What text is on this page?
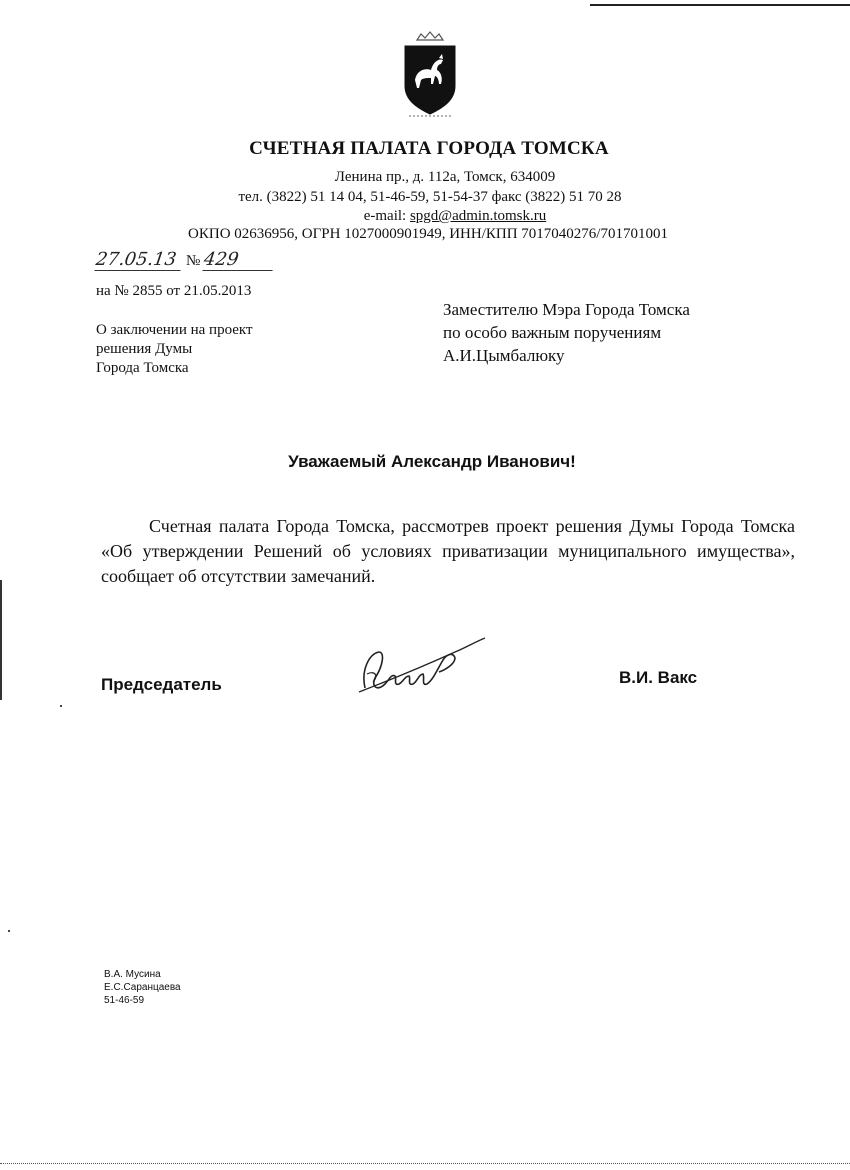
СЧЕТНАЯ ПАЛАТА ГОРОДА ТОМСКА
Ленина пр., д. 112а, Томск, 634009
тел. (3822) 51 14 04, 51-46-59, 51-54-37 факс (3822) 51 70 28
e-mail: spgd@admin.tomsk.ru
ОКПО 02636956, ОГРН 1027000901949, ИНН/КПП 7017040276/701701001
27.05.13 № 429
на № 2855 от 21.05.2013
О заключении на проект
решения Думы
Города Томска
Заместителю Мэра Города Томска
по особо важным поручениям
А.И.Цымбалюку
Уважаемый Александр Иванович!
Счетная палата Города Томска, рассмотрев проект решения Думы Города Томска «Об утверждении Решений об условиях приватизации муниципального имущества», сообщает об отсутствии замечаний.
Председатель	В.И. Вакс
В.А. Мусина
Е.С.Саранцаева
51-46-59
